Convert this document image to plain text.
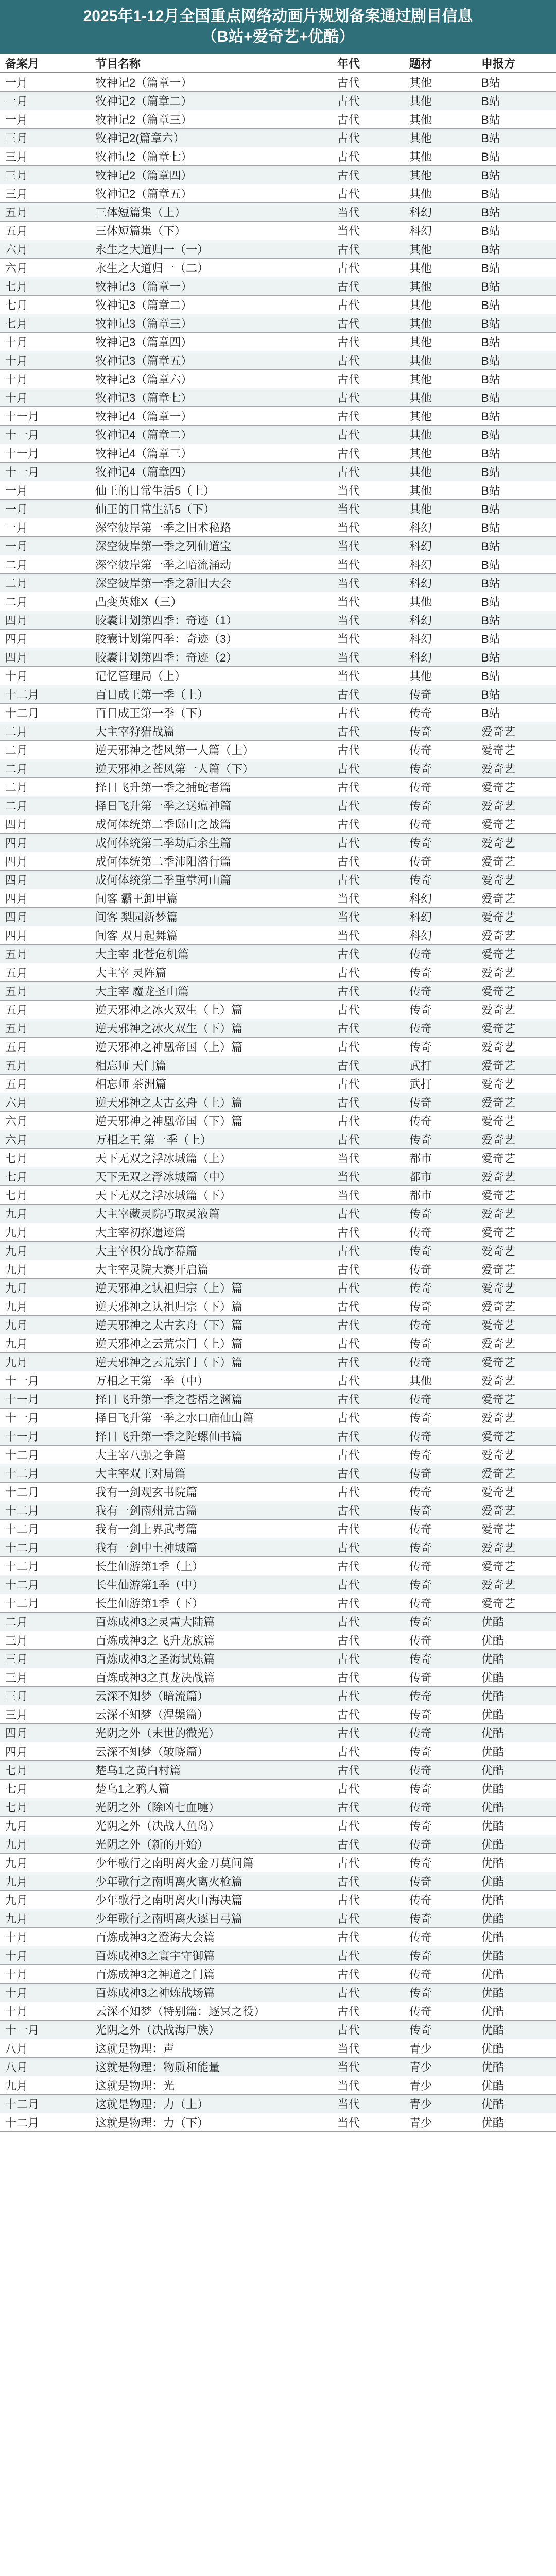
2025年1-12月全国重点网络动画片规划备案通过剧目信息
（B站+爱奇艺+优酷）
备案月	节目名称	年代	题材	申报方
一月	牧神记2（篇章一）	古代	其他	B站
一月	牧神记2（篇章二）	古代	其他	B站
一月	牧神记2（篇章三）	古代	其他	B站
三月	牧神记2(篇章六）	古代	其他	B站
三月	牧神记2（篇章七）	古代	其他	B站
三月	牧神记2（篇章四）	古代	其他	B站
三月	牧神记2（篇章五）	古代	其他	B站
五月	三体短篇集（上）	当代	科幻	B站
五月	三体短篇集（下）	当代	科幻	B站
六月	永生之大道归一（一）	古代	其他	B站
六月	永生之大道归一（二）	古代	其他	B站
七月	牧神记3（篇章一）	古代	其他	B站
七月	牧神记3（篇章二）	古代	其他	B站
七月	牧神记3（篇章三）	古代	其他	B站
十月	牧神记3（篇章四）	古代	其他	B站
十月	牧神记3（篇章五）	古代	其他	B站
十月	牧神记3（篇章六）	古代	其他	B站
十月	牧神记3（篇章七）	古代	其他	B站
十一月	牧神记4（篇章一）	古代	其他	B站
十一月	牧神记4（篇章二）	古代	其他	B站
十一月	牧神记4（篇章三）	古代	其他	B站
十一月	牧神记4（篇章四）	古代	其他	B站
一月	仙王的日常生活5（上）	当代	其他	B站
一月	仙王的日常生活5（下）	当代	其他	B站
一月	深空彼岸第一季之旧术秘路	当代	科幻	B站
一月	深空彼岸第一季之列仙道宝	当代	科幻	B站
二月	深空彼岸第一季之暗流涌动	当代	科幻	B站
二月	深空彼岸第一季之新旧大会	当代	科幻	B站
二月	凸变英雄X（三）	当代	其他	B站
四月	胶囊计划第四季：奇迹（1）	当代	科幻	B站
四月	胶囊计划第四季：奇迹（3）	当代	科幻	B站
四月	胶囊计划第四季：奇迹（2）	当代	科幻	B站
十月	记忆管理局（上）	当代	其他	B站
十二月	百日成王第一季（上）	古代	传奇	B站
十二月	百日成王第一季（下）	古代	传奇	B站
二月	大主宰狩猎战篇	古代	传奇	爱奇艺
二月	逆天邪神之苍风第一人篇（上）	古代	传奇	爱奇艺
二月	逆天邪神之苍风第一人篇（下）	古代	传奇	爱奇艺
二月	择日飞升第一季之捕蛇者篇	古代	传奇	爱奇艺
二月	择日飞升第一季之送瘟神篇	古代	传奇	爱奇艺
四月	成何体统第二季邸山之战篇	古代	传奇	爱奇艺
四月	成何体统第二季劫后余生篇	古代	传奇	爱奇艺
四月	成何体统第二季沛阳潜行篇	古代	传奇	爱奇艺
四月	成何体统第二季重掌河山篇	古代	传奇	爱奇艺
四月	间客 霸王卸甲篇	当代	科幻	爱奇艺
四月	间客 梨园新梦篇	当代	科幻	爱奇艺
四月	间客 双月起舞篇	当代	科幻	爱奇艺
五月	大主宰 北苍危机篇	古代	传奇	爱奇艺
五月	大主宰 灵阵篇	古代	传奇	爱奇艺
五月	大主宰 魔龙圣山篇	古代	传奇	爱奇艺
五月	逆天邪神之冰火双生（上）篇	古代	传奇	爱奇艺
五月	逆天邪神之冰火双生（下）篇	古代	传奇	爱奇艺
五月	逆天邪神之神凰帝国（上）篇	古代	传奇	爱奇艺
五月	相忘师 天门篇	古代	武打	爱奇艺
五月	相忘师 茶洲篇	古代	武打	爱奇艺
六月	逆天邪神之太古玄舟（上）篇	古代	传奇	爱奇艺
六月	逆天邪神之神凰帝国（下）篇	古代	传奇	爱奇艺
六月	万相之王 第一季（上）	古代	传奇	爱奇艺
七月	天下无双之浮冰城篇（上）	当代	都市	爱奇艺
七月	天下无双之浮冰城篇（中）	当代	都市	爱奇艺
七月	天下无双之浮冰城篇（下）	当代	都市	爱奇艺
九月	大主宰藏灵院巧取灵液篇	古代	传奇	爱奇艺
九月	大主宰初探遗迹篇	古代	传奇	爱奇艺
九月	大主宰积分战序幕篇	古代	传奇	爱奇艺
九月	大主宰灵院大赛开启篇	古代	传奇	爱奇艺
九月	逆天邪神之认祖归宗（上）篇	古代	传奇	爱奇艺
九月	逆天邪神之认祖归宗（下）篇	古代	传奇	爱奇艺
九月	逆天邪神之太古玄舟（下）篇	古代	传奇	爱奇艺
九月	逆天邪神之云荒宗门（上）篇	古代	传奇	爱奇艺
九月	逆天邪神之云荒宗门（下）篇	古代	传奇	爱奇艺
十一月	万相之王第一季（中）	古代	其他	爱奇艺
十一月	择日飞升第一季之苍梧之渊篇	古代	传奇	爱奇艺
十一月	择日飞升第一季之水口庙仙山篇	古代	传奇	爱奇艺
十一月	择日飞升第一季之陀螺仙书篇	古代	传奇	爱奇艺
十二月	大主宰八强之争篇	古代	传奇	爱奇艺
十二月	大主宰双王对局篇	古代	传奇	爱奇艺
十二月	我有一剑观玄书院篇	古代	传奇	爱奇艺
十二月	我有一剑南州荒古篇	古代	传奇	爱奇艺
十二月	我有一剑上界武考篇	古代	传奇	爱奇艺
十二月	我有一剑中土神城篇	古代	传奇	爱奇艺
十二月	长生仙游第1季（上）	古代	传奇	爱奇艺
十二月	长生仙游第1季（中）	古代	传奇	爱奇艺
十二月	长生仙游第1季（下）	古代	传奇	爱奇艺
二月	百炼成神3之灵霄大陆篇	古代	传奇	优酷
三月	百炼成神3之飞升龙族篇	古代	传奇	优酷
三月	百炼成神3之圣海试炼篇	古代	传奇	优酷
三月	百炼成神3之真龙决战篇	古代	传奇	优酷
三月	云深不知梦（暗流篇）	古代	传奇	优酷
三月	云深不知梦（涅槃篇）	古代	传奇	优酷
四月	光阴之外（末世的微光）	古代	传奇	优酷
四月	云深不知梦（破晓篇）	古代	传奇	优酷
七月	楚乌1之黄白村篇	古代	传奇	优酷
七月	楚乌1之鸦人篇	古代	传奇	优酷
七月	光阴之外（除凶七血嚏）	古代	传奇	优酷
九月	光阴之外（决战人鱼岛）	古代	传奇	优酷
九月	光阴之外（新的开始）	古代	传奇	优酷
九月	少年歌行之南明离火金刀莫问篇	古代	传奇	优酷
九月	少年歌行之南明离火离火枪篇	古代	传奇	优酷
九月	少年歌行之南明离火山海决篇	古代	传奇	优酷
九月	少年歌行之南明离火逐日弓篇	古代	传奇	优酷
十月	百炼成神3之澄海大会篇	古代	传奇	优酷
十月	百炼成神3之寰宇守御篇	古代	传奇	优酷
十月	百炼成神3之神道之门篇	古代	传奇	优酷
十月	百炼成神3之神炼战场篇	古代	传奇	优酷
十月	云深不知梦（特别篇：逐冥之役）	古代	传奇	优酷
十一月	光阴之外（决战海尸族）	古代	传奇	优酷
八月	这就是物理：声	当代	青少	优酷
八月	这就是物理：物质和能量	当代	青少	优酷
九月	这就是物理：光	当代	青少	优酷
十二月	这就是物理：力（上）	当代	青少	优酷
十二月	这就是物理：力（下）	当代	青少	优酷
